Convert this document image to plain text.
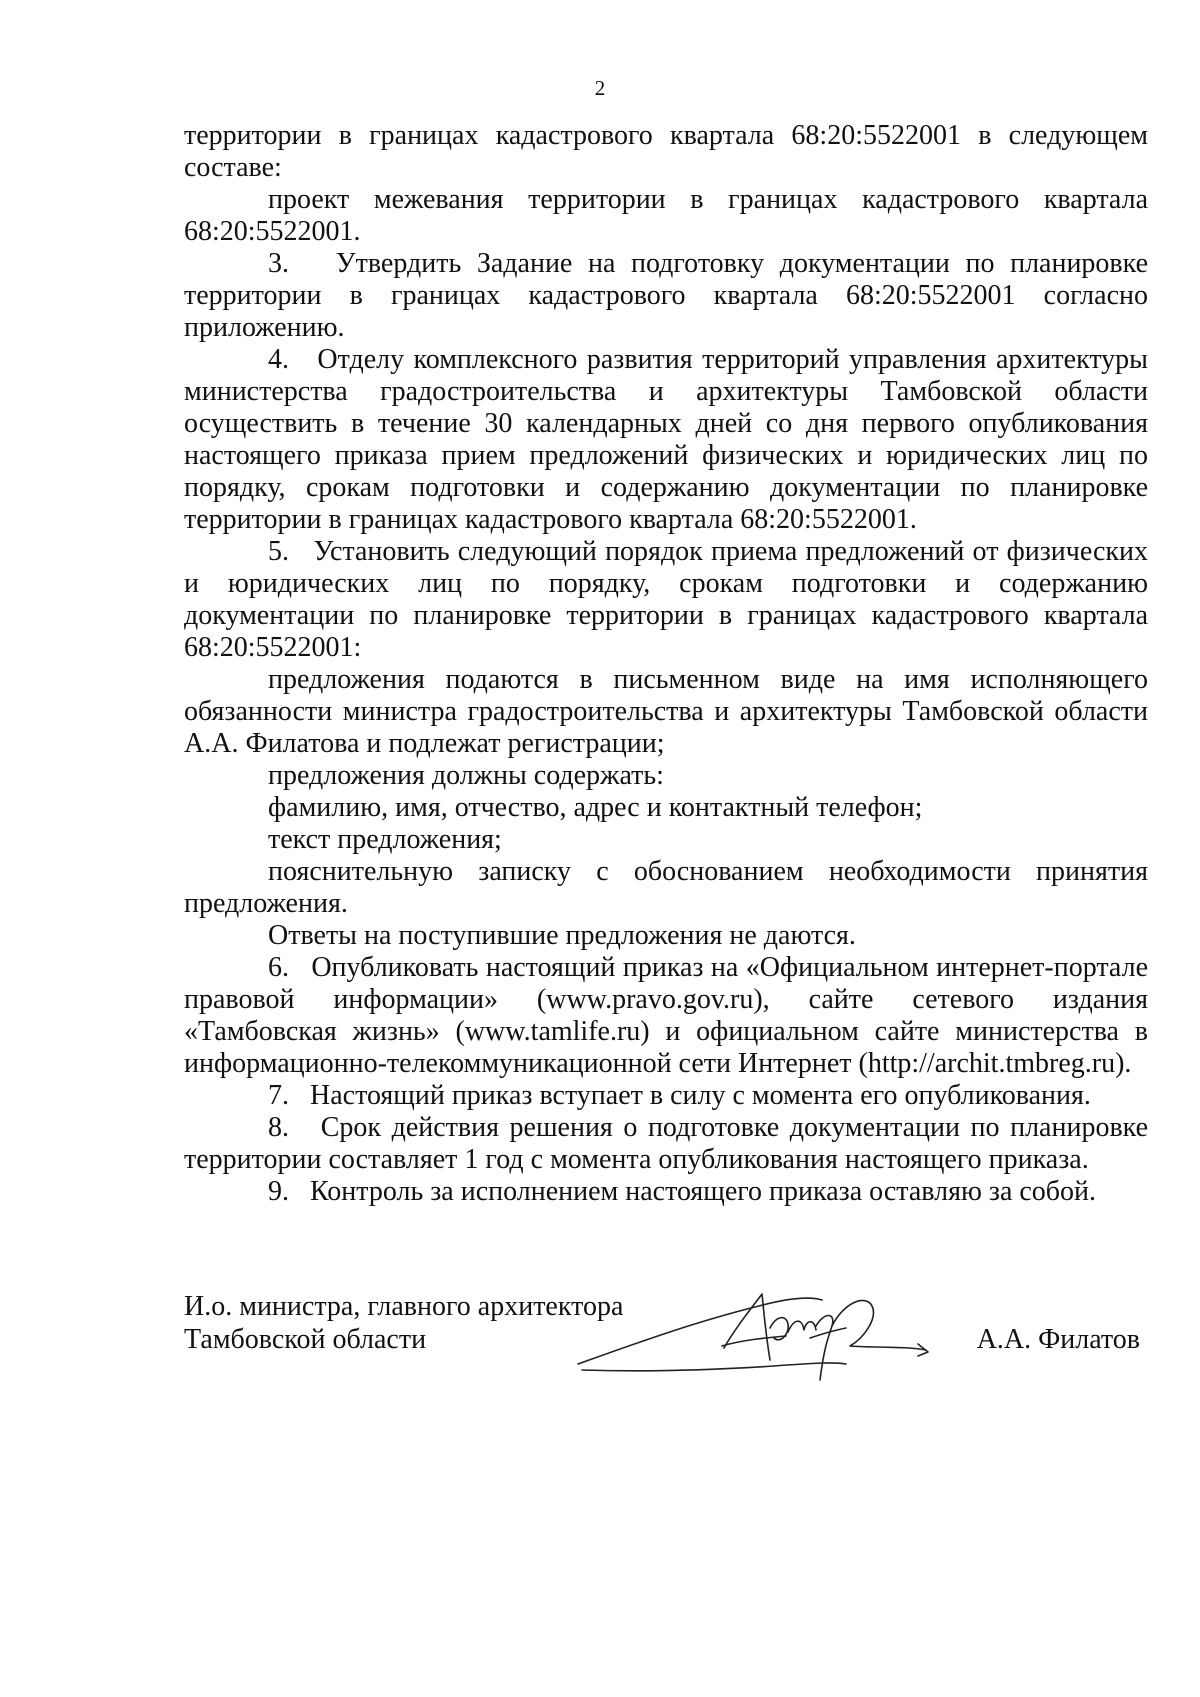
2

территории в границах кадастрового квартала 68:20:5522001 в следующем составе:

проект межевания территории в границах кадастрового квартала 68:20:5522001.

3.   Утвердить Задание на подготовку документации по планировке территории в границах кадастрового квартала 68:20:5522001 согласно приложению.

4.   Отделу комплексного развития территорий управления архитектуры министерства градостроительства и архитектуры Тамбовской области осуществить в течение 30 календарных дней со дня первого опубликования настоящего приказа прием предложений физических и юридических лиц по порядку, срокам подготовки и содержанию документации по планировке территории в границах кадастрового квартала 68:20:5522001.

5.   Установить следующий порядок приема предложений от физических и юридических лиц по порядку, срокам подготовки и содержанию документации по планировке территории в границах кадастрового квартала 68:20:5522001:

предложения подаются в письменном виде на имя исполняющего обязанности министра градостроительства и архитектуры Тамбовской области А.А. Филатова и подлежат регистрации;

предложения должны содержать:

фамилию, имя, отчество, адрес и контактный телефон;

текст предложения;

пояснительную записку с обоснованием необходимости принятия предложения.

Ответы на поступившие предложения не даются.

6.   Опубликовать настоящий приказ на «Официальном интернет-портале правовой информации» (www.pravo.gov.ru), сайте сетевого издания «Тамбовская жизнь» (www.tamlife.ru) и официальном сайте министерства в информационно-телекоммуникационной сети Интернет (http://archit.tmbreg.ru).

7.   Настоящий приказ вступает в силу с момента его опубликования.

8.   Срок действия решения о подготовке документации по планировке территории составляет 1 год с момента опубликования настоящего приказа.

9.   Контроль за исполнением настоящего приказа оставляю за собой.

И.о. министра, главного архитектора
Тамбовской области	А.А. Филатов
